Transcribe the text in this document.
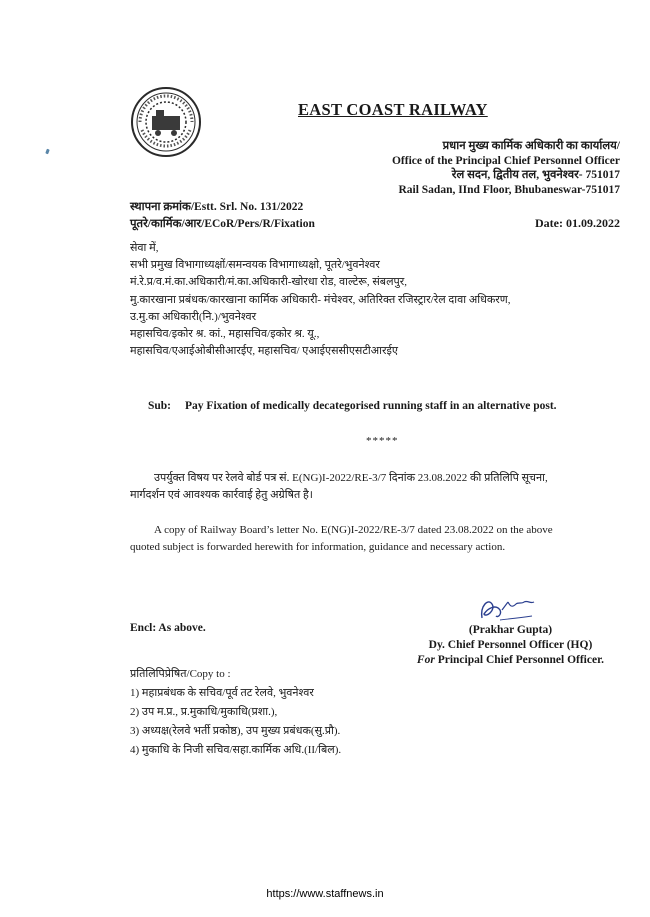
EAST COAST RAILWAY
प्रधान मुख्य कार्मिक अधिकारी का कार्यालय/
Office of the Principal Chief Personnel Officer
रेल सदन, द्वितीय तल, भुवनेश्वर- 751017
Rail Sadan, IInd Floor, Bhubaneswar-751017
स्थापना क्रमांक/Estt. Srl. No. 131/2022
पूतरे/कार्मिक/आर/ECoR/Pers/R/Fixation	Date: 01.09.2022
सेवा में,
सभी प्रमुख विभागाध्यक्षों/समन्वयक विभागाध्यक्षो, पूतरे/भुवनेश्वर
मं.रे.प्र/व.मं.का.अधिकारी/मं.का.अधिकारी-खोरधा रोड, वाल्टेरू, संबलपुर,
मु.कारखाना प्रबंधक/कारखाना कार्मिक अधिकारी- मंचेश्वर, अतिरिक्त रजिस्ट्रार/रेल दावा अधिकरण,
उ.मु.का अधिकारी(नि.)/भुवनेश्वर
महासचिव/इकोर श्र. कां., महासचिव/इकोर श्र. यू.,
महासचिव/एआईओबीसीआरईए, महासचिव/ एआईएससीएसटीआरईए
Sub: Pay Fixation of medically decategorised running staff in an alternative post.
*****
उपर्युक्त विषय पर रेलवे बोर्ड पत्र सं. E(NG)I-2022/RE-3/7 दिनांक 23.08.2022 की प्रतिलिपि सूचना,
मार्गदर्शन एवं आवश्यक कार्रवाई हेतु अग्रेषित है।
A copy of Railway Board’s letter No. E(NG)I-2022/RE-3/7 dated 23.08.2022 on the above
quoted subject is forwarded herewith for information, guidance and necessary action.
(Prakhar Gupta)
Dy. Chief Personnel Officer (HQ)
For Principal Chief Personnel Officer.
Encl: As above.
प्रतिलिपिप्रेषित/Copy to :
1) महाप्रबंधक के सचिव/पूर्व तट रेलवे, भुवनेश्वर
2) उप म.प्र., प्र.मुकाधि/मुकाधि(प्रशा.),
3) अध्यक्ष(रेलवे भर्ती प्रकोष्ठ), उप मुख्य प्रबंधक(सु.प्रौ).
4) मुकाधि के निजी सचिव/सहा.कार्मिक अधि.(II/बिल).
https://www.staffnews.in
